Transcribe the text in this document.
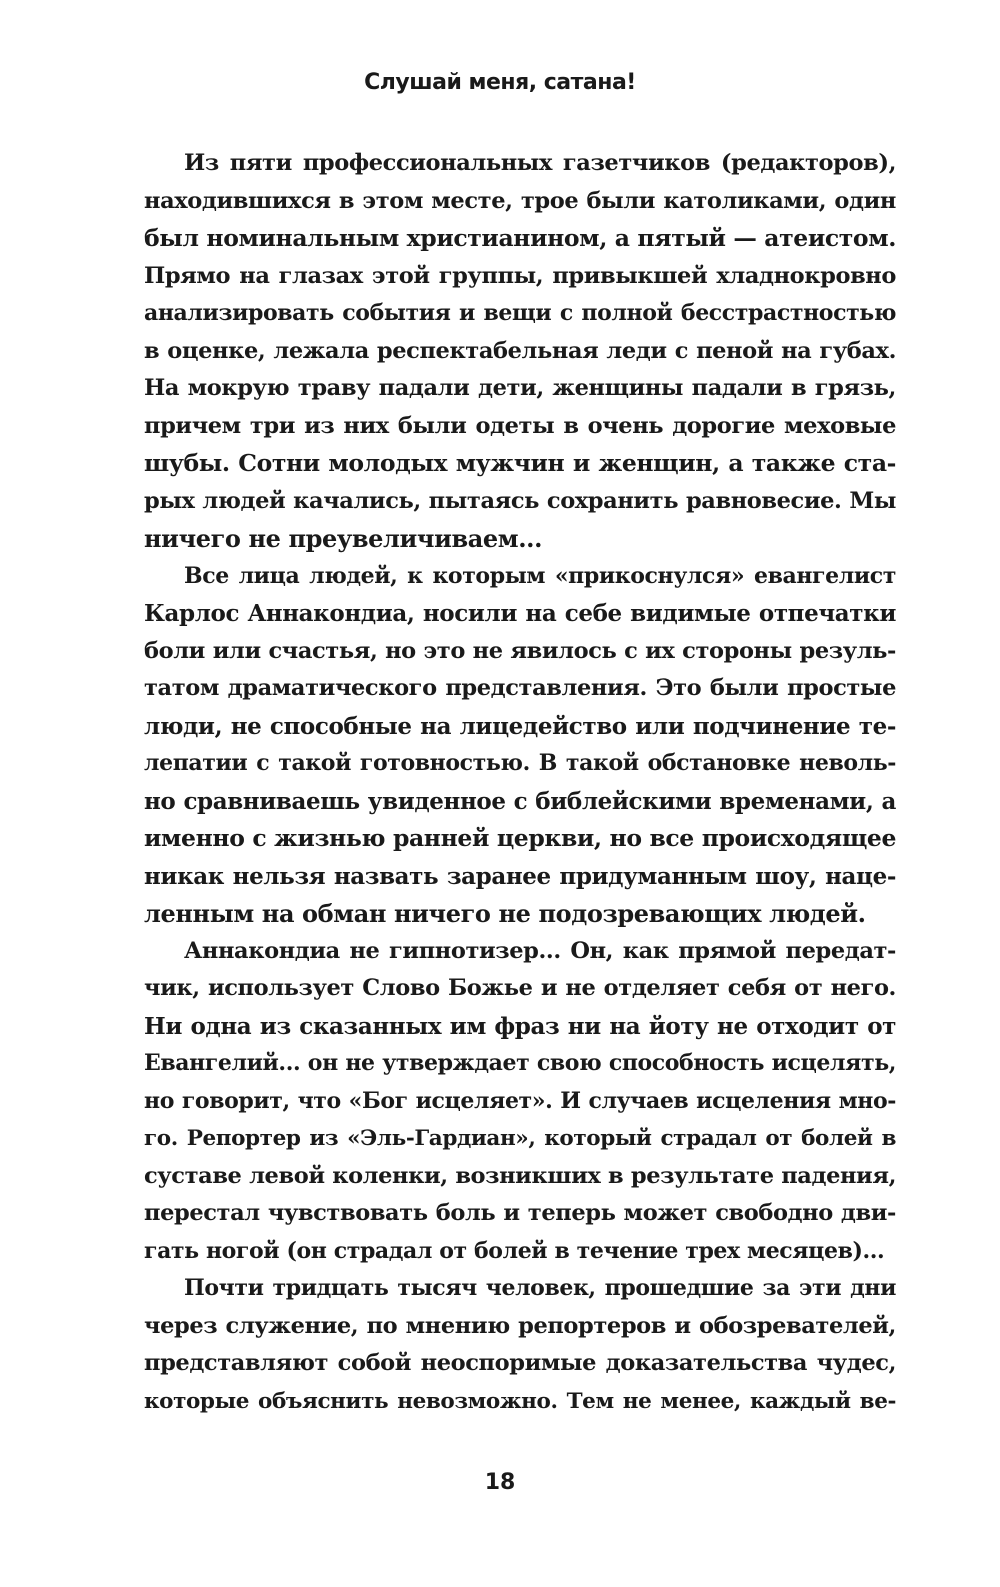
Слушай меня, сатана!
Из пяти профессиональных газетчиков (редакторов),
находившихся в этом месте, трое были католиками, один
был номинальным христианином, а пятый — атеистом.
Прямо на глазах этой группы, привыкшей хладнокровно
анализировать события и вещи с полной бесстрастностью
в оценке, лежала респектабельная леди с пеной на губах.
На мокрую траву падали дети, женщины падали в грязь,
причем три из них были одеты в очень дорогие меховые
шубы. Сотни молодых мужчин и женщин, а также ста-
рых людей качались, пытаясь сохранить равновесие. Мы
ничего не преувеличиваем...
Все лица людей, к которым «прикоснулся» евангелист
Карлос Аннакондиа, носили на себе видимые отпечатки
боли или счастья, но это не явилось с их стороны резуль-
татом драматического представления. Это были простые
люди, не способные на лицедейство или подчинение те-
лепатии с такой готовностью. В такой обстановке неволь-
но сравниваешь увиденное с библейскими временами, а
именно с жизнью ранней церкви, но все происходящее
никак нельзя назвать заранее придуманным шоу, наце-
ленным на обман ничего не подозревающих людей.
Аннакондиа не гипнотизер... Он, как прямой передат-
чик, использует Слово Божье и не отделяет себя от него.
Ни одна из сказанных им фраз ни на йоту не отходит от
Евангелий... он не утверждает свою способность исцелять,
но говорит, что «Бог исцеляет». И случаев исцеления мно-
го. Репортер из «Эль-Гардиан», который страдал от болей в
суставе левой коленки, возникших в результате падения,
перестал чувствовать боль и теперь может свободно дви-
гать ногой (он страдал от болей в течение трех месяцев)...
Почти тридцать тысяч человек, прошедшие за эти дни
через служение, по мнению репортеров и обозревателей,
представляют собой неоспоримые доказательства чудес,
которые объяснить невозможно. Тем не менее, каждый ве-
18
